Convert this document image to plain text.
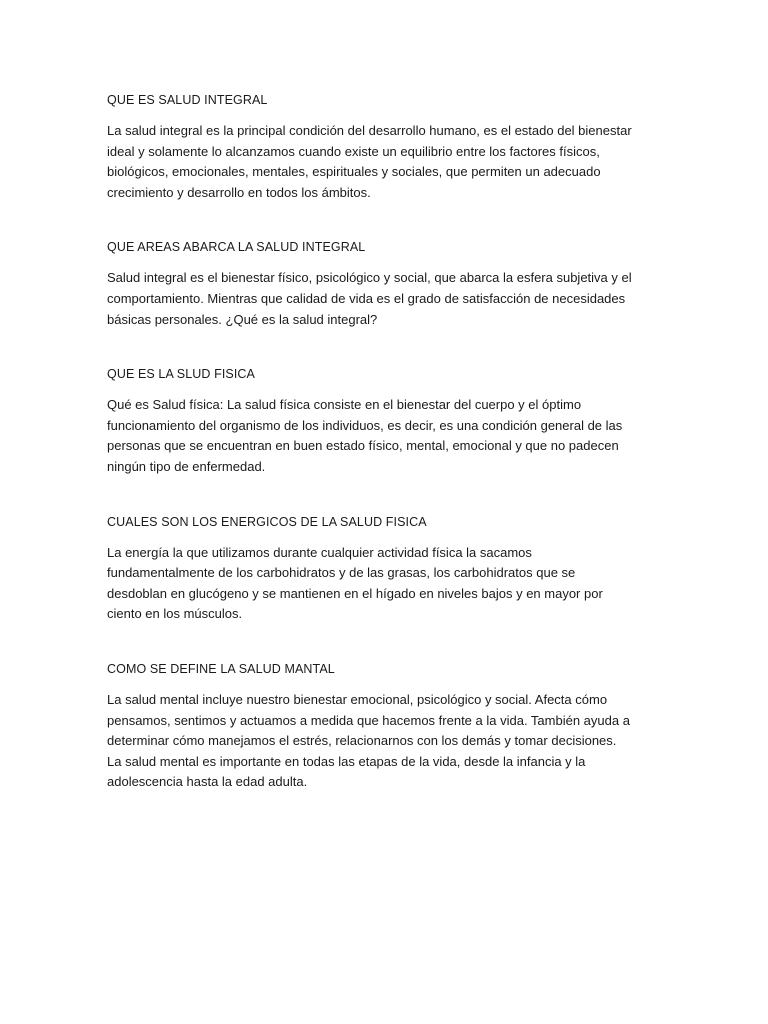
QUE ES SALUD INTEGRAL

La salud integral es la principal condición del desarrollo humano, es el estado del bienestar
ideal y solamente lo alcanzamos cuando existe un equilibrio entre los factores físicos,
biológicos, emocionales, mentales, espirituales y sociales, que permiten un adecuado
crecimiento y desarrollo en todos los ámbitos.

QUE AREAS ABARCA LA SALUD INTEGRAL

Salud integral es el bienestar físico, psicológico y social, que abarca la esfera subjetiva y el
comportamiento. Mientras que calidad de vida es el grado de satisfacción de necesidades
básicas personales. ¿Qué es la salud integral?

QUE ES LA SLUD FISICA

Qué es Salud física: La salud física consiste en el bienestar del cuerpo y el óptimo
funcionamiento del organismo de los individuos, es decir, es una condición general de las
personas que se encuentran en buen estado físico, mental, emocional y que no padecen
ningún tipo de enfermedad.

CUALES SON LOS ENERGICOS DE LA SALUD FISICA

La energía la que utilizamos durante cualquier actividad física la sacamos
fundamentalmente de los carbohidratos y de las grasas, los carbohidratos que se
desdoblan en glucógeno y se mantienen en el hígado en niveles bajos y en mayor por
ciento en los músculos.

COMO SE DEFINE LA SALUD MANTAL

La salud mental incluye nuestro bienestar emocional, psicológico y social. Afecta cómo
pensamos, sentimos y actuamos a medida que hacemos frente a la vida. También ayuda a
determinar cómo manejamos el estrés, relacionarnos con los demás y tomar decisiones.
La salud mental es importante en todas las etapas de la vida, desde la infancia y la
adolescencia hasta la edad adulta.
